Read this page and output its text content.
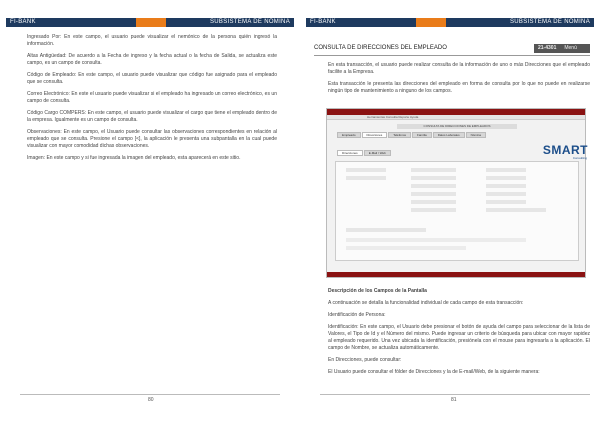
FI-BANK	SUBSISTEMA DE NOMINA

Ingresado Por: En este campo, el usuario puede visualizar el nemónico de la persona quién ingresó la información.

Altas Antigüedad: De acuerdo a la Fecha de ingreso y la fecha actual o la fecha de Salida, se actualiza este campo, es un campo de consulta.

Código de Empleado: En este campo, el usuario puede visualizar que código fue asignado para el empleado que se consulta.

Correo Electrónico: En este el usuario puede visualizar si el empleado ha ingresado un correo electrónico, es un campo de consulta.

Código Cargo COMPERS: En este campo, el usuario puede visualizar el cargo que tiene el empleado dentro de la empresa. Igualmente es un campo de consulta.

Observaciones: En este campo, el Usuario puede consultar las observaciones correspondientes en relación al empleado que se consulta. Presione el campo [<], la aplicación le presenta una subpantalla en la cual puede visualizar con mayor comodidad dichas observaciones.

Imagen: En este campo y si fue ingresada la imagen del empleado, esta aparecerá en este sitio.

80
FI-BANK	SUBSISTEMA DE NOMINA
CONSULTA DE DIRECCIONES DEL EMPLEADO	21-4301 Menú

En esta transacción, el usuario puede realizar consulta de la información de uno o más Direcciones que el empleado facilite a la Empresa.

Esta transacción le presenta las direcciones del empleado en forma de consulta por lo que no puede en realizarse ningún tipo de mantenimiento a ninguno de los campos.

Herramientas Consulta Reporte Ayuda
CONSULTA DE DIRECCIONES DE EMPLEADOS
Empleado	Direcciones	Teléfonos	Familia	Datos Laborales	Nómina
Direcciones	E-Mail / Web	SMART
Consulting

Descripción de los Campos de la Pantalla

A continuación se detalla la funcionalidad individual de cada campo de esta transacción:

Identificación de Persona:

Identificación: En este campo, el Usuario debe presionar el botón de ayuda del campo para seleccionar de la lista de Valores, el Tipo de Id y el Número del mismo. Puede ingresar un criterio de búsqueda para ubicar con mayor rapidez al empleado requerido. Una vez ubicada la identificación, presiónela con el mouse para ingresarla a la aplicación. El campo de Nombre, se actualiza automáticamente.

En Direcciones, puede consultar:

El Usuario puede consultar el fólder de Direcciones y la de E-mail/Web, de la siguiente manera:

81
